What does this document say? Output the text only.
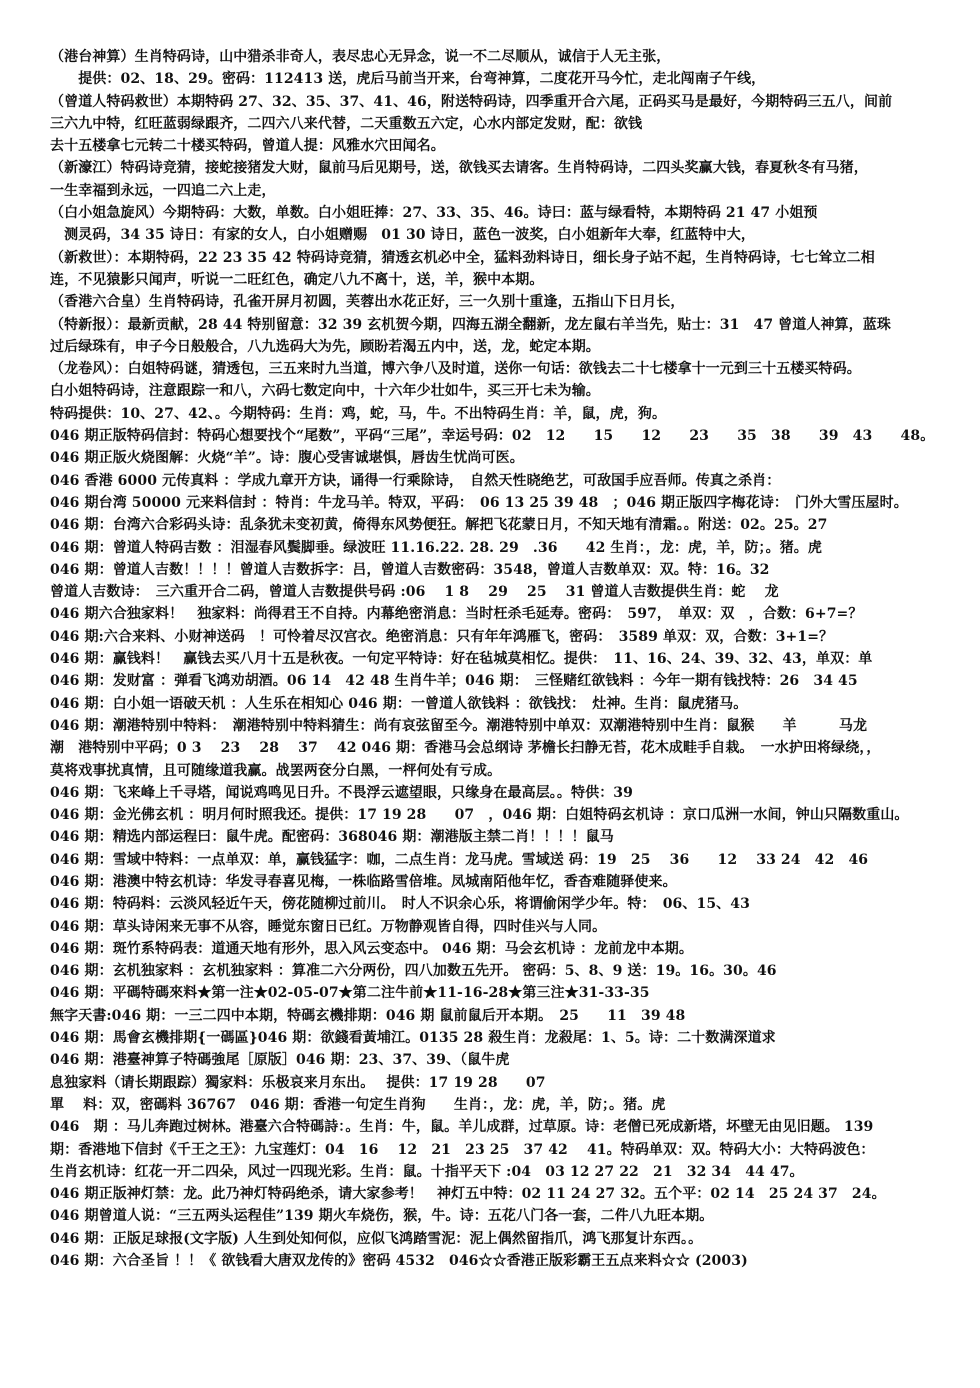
（港台神算）生肖特码诗，山中猎杀非奇人，表尽忠心无异念，说一不二尽顺从，诚信于人无主张，
　　提供：02、18、29。密码：112413 送，虎后马前当开来，台弯神算，二度花开马今忙，走北闯南子午线，
（曾道人特码救世）本期特码 27、32、35、37、41、46，附送特码诗，四季重开合六尾，正码买马是最好，今期特码三五八，间前
三六九中特，红旺蓝弱绿跟齐，二四六八来代替，二天重数五六定，心水内部定发财，配：欲钱
去十五楼拿七元转二十楼买特码，曾道人提：风雅水穴田闻名。
（新濠江）特码诗竞猜，接蛇接猪发大财，鼠前马后见期号，送，欲钱买去请客。生肖特码诗，二四头奖赢大钱，春夏秋冬有马猪，
一生幸福到永远，一四追二六上走，
（白小姐急旋风）今期特码：大数，单数。白小姐旺捧：27、33、35、46。诗曰：蓝与绿看特，本期特码 21 47 小姐预
　测灵码，34 35 诗日：有家的女人，白小姐赠赐　01 30 诗日，蓝色一波奖，白小姐新年大奉，红蓝特中大，
（新救世）：本期特码，22 23 35 42 特码诗竞猜，猜透玄机必中全，猛料劲料诗日，细长身子站不起，生肖特码诗，七七耸立二相
连，不见猿影只闻声，听说一二旺红色，确定八九不离十，送，羊，猴中本期。
（香港六合皇）生肖特码诗，孔雀开屏月初圆，芙蓉出水花正好，三一久别十重逢，五指山下日月长，
（特新报）：最新贡献，28 44 特别留意：32 39 玄机贺今期，四海五湖全翻新，龙左鼠右羊当先，贴士：31　47 曾道人神算，蓝珠
过后绿珠有，申子今日般般合，八九选码大为先，顾盼若渴五内中，送，龙，蛇定本期。
（龙卷风）：白姐特码谜，猜透包，三五来时九当道，博六争八及时道，送你一句话：欲钱去二十七楼拿十一元到三十五楼买特码。
白小姐特码诗，注意跟踪一和八，六码七数定向中，十六年少壮如牛，买三开七未为输。
特码提供：10、27、42、。今期特码：生肖：鸡，蛇，马，牛。不出特码生肖：羊，鼠，虎，狗。
046 期正版特码信封：特码心想要找个“尾数”，平码“三尾”，幸运号码：02　12　　15　　12　　23　　35　38　　39　43　　48。
046 期正版火烧图解：火烧“羊”。诗：腹心受害诚堪惧，唇齿生忧尚可医。
046 香港 6000 元传真料 ：学成九章开方诀，诵得一行乘除诗，　自然天性晓绝艺，可敌国手应吾师。传真之杀肖：
046 期台湾 50000 元来料信封 ：特肖：牛龙马羊。特双，平码：　06 13 25 39 48　；046 期正版四字梅花诗：　门外大雪压屋时。
046 期：台湾六合彩码头诗：乱条犹未变初黄，倚得东风势便狂。解把飞花蒙日月，不知天地有清霜。。附送：02。25。27
046 期：曾道人特码吉数 ：泪湿春风鬓脚垂。绿波旺 11.16.22. 28. 29　.36　　42 生肖：，龙：虎，羊，防；。猪。虎
046 期：曾道人吉数！！！！曾道人吉数拆字：吕，曾道人吉数密码：3548，曾道人吉数单双：双。特：16。32
曾道人吉数诗：　三六重开合二码，曾道人吉数提供号码 :06　 1 8　 29　 25　 31 曾道人吉数提供生肖：蛇　 龙
046 期六合独家料！　独家料：尚得君王不自持。内幕绝密消息：当时枉杀毛延寿。密码：　597，　单双：双　，合数：6+7=？
046 期:六合来料、小财神送码　！可怜着尽汉宫衣。绝密消息：只有年年鸿雁飞，密码：　3589 单双：双，合数：3+1=？
046 期：赢钱料！　赢钱去买八月十五是秋夜。一句定平特诗：好在毡城莫相忆。提供：　11、16、24、39、32、43，单双：单
046 期：发财富 ：弹看飞鸿劝胡酒。06 14　42 48 生肖牛羊；046 期：　三怪赌红欲钱料 ：今年一期有钱找特：26　34 45
046 期：白小姐一语破天机 ：人生乐在相知心 046 期：一曾道人欲钱料 ：欲钱找：　灶神。生肖：鼠虎猪马。
046 期：潮港特别中特料：　潮港特别中特料猜生：尚有哀弦留至今。潮港特别中单双：双潮港特别中生肖：鼠猴　　羊　　　马龙
潮　港特别中平码；0 3　 23　 28　 37　 42 046 期：香港马会总纲诗 茅檐长扫静无苔，花木成畦手自栽。　一水护田将绿绕，，
莫将戏事扰真情，且可随缘道我赢。战罢两奁分白黑，一枰何处有亏成。
046 期：飞来峰上千寻塔，闻说鸡鸣见日升。不畏浮云遮望眼，只缘身在最高层。。特供：39
046 期：金光佛玄机 ：明月何时照我还。提供：17 19 28　　07　，046 期：白姐特码玄机诗 ：京口瓜洲一水间，钟山只隔数重山。
046 期：精选内部运程曰：鼠牛虎。配密码：368046 期：潮港版主禁二肖！！！！鼠马
046 期：雪域中特料：一点单双：单，赢钱猛字：咖，二点生肖：龙马虎。雪域送 码：19　25　 36　　12　 33 24　42　46
046 期：港澳中特玄机诗：华发寻春喜见梅，一株临路雪倍堆。凤城南陌他年忆，香杳难随驿使来。
046 期：特码料：云淡风轻近午天，傍花随柳过前川。　时人不识余心乐，将谓偷闲学少年。特：　06、15、43
046 期：草头诗闲来无事不从容，睡觉东窗日已红。万物静观皆自得，四时佳兴与人同。
046 期：斑竹系特码表：道通天地有形外，思入风云变态中。 046 期：马会玄机诗 ：龙前龙中本期。
046 期：玄机独家料 ：玄机独家料 ：算准二六分两份，四八加数五先开。 密码：5、8、9 送：19。16。30。46
046 期：平碼特碼來料★第一注★02-05-07★第二注牛前★11-16-28★第三注★31-33-35
無字天書:046 期：一三二四中本期，特碼玄機排期：046 期 鼠前鼠后开本期。　25　　11　39 48
046 期：馬會玄機排期{一碼區}046 期：欲錢看黃埔江。0135 28 殺生肖：龙殺尾：1、5。诗：二十数满深道求
046 期：港臺神算子特碼強尾［原版］046 期：23、37、39、（鼠牛虎
息独家料（请长期跟踪）獨家料：乐极哀来月东出。　 提供：17 19 28　　07
單　 料：双，密碼料 36767　046 期：香港一句定生肖狗　　生肖：，龙：虎，羊，防；。猪。虎
046　期 ：马儿奔跑过树林。港臺六合特碼詩：。生肖：牛，鼠。羊儿成群，过草原。诗：老僧已死成新塔，坏壁无由见旧题。 139
期：香港地下信封《千王之王》：九宝莲灯：04　16　 12　21　23 25　37 42　 41。特码单双：双。特码大小：大特码波色：
生肖玄机诗：红花一开二四朵，风过一四现光彩。生肖：鼠。十指平天下 :04　03 12 27 22　21　32 34　44 47。
046 期正版神灯禁：龙。此乃神灯特码绝杀，请大家参考！　神灯五中特：02 11 24 27 32。五个平：02 14　25 24 37　24。
046 期曾道人说：“三五两头运程佳”139 期火车烧伤，猴，牛。诗：五花八门各一套，二件八九旺本期。
046 期：正版足球报(文字版) 人生到处知何似，应似飞鸿踏雪泥：泥上偶然留指爪，鸿飞那复计东西。。
046 期：六合圣旨 ！！《 欲钱看大唐双龙传的》密码 4532　046☆☆香港正版彩霸王五点来料☆☆ (2003)
